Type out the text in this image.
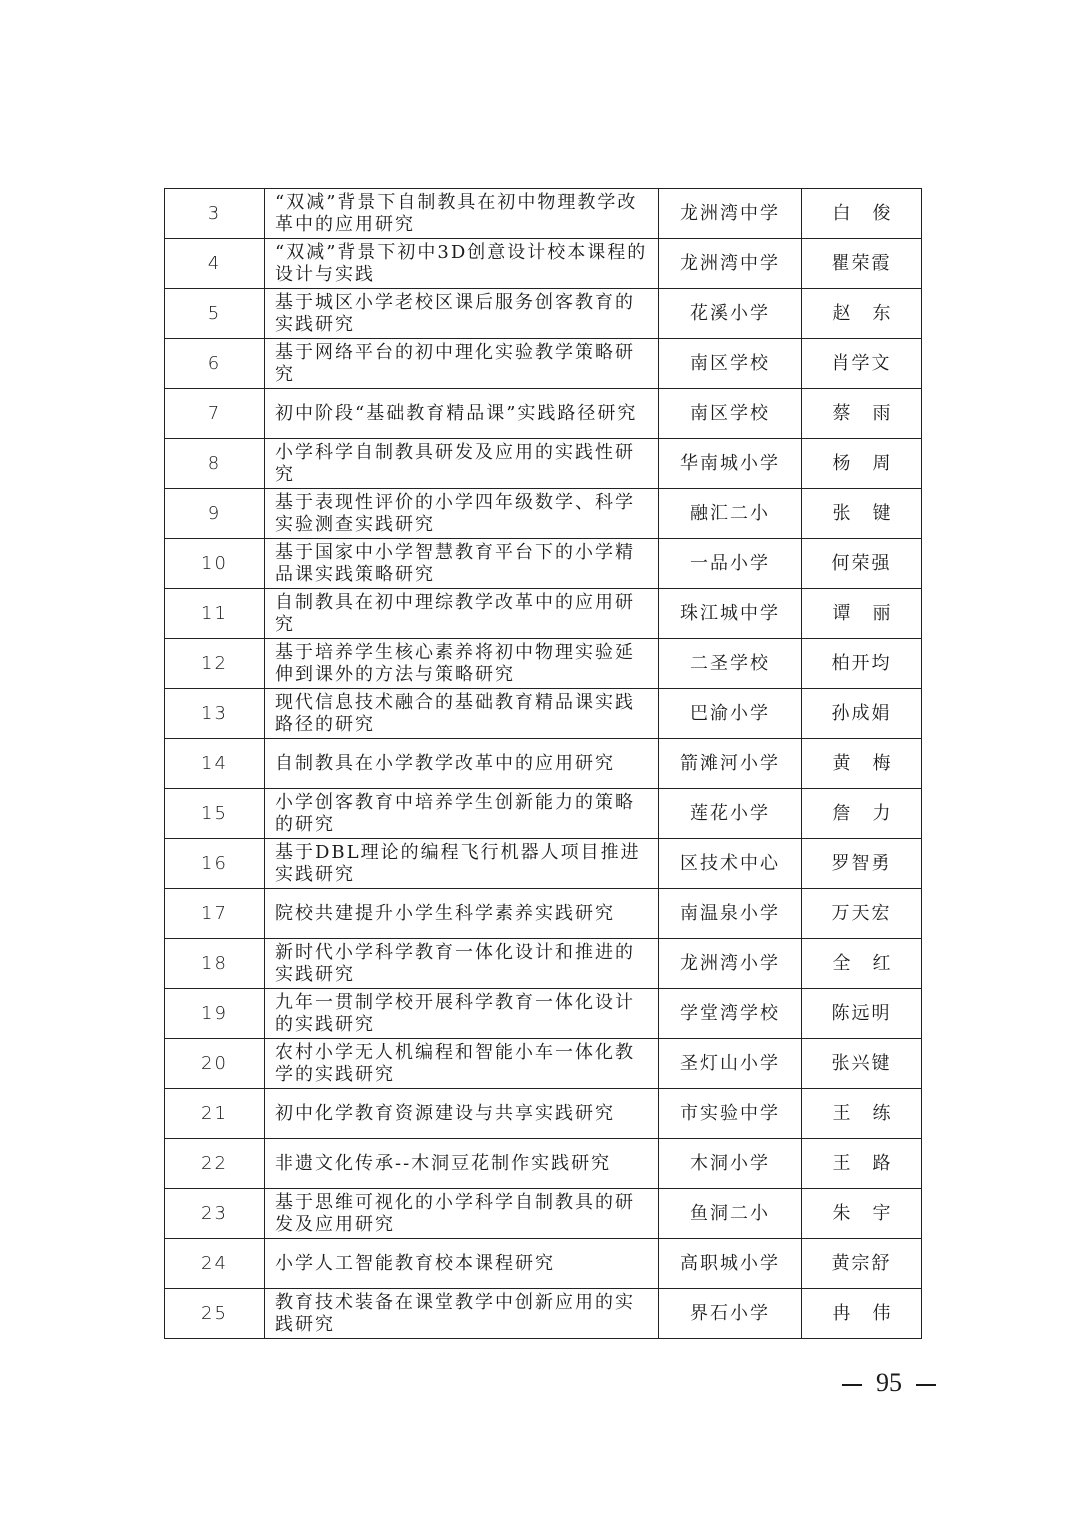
3	“双减”背景下自制教具在初中物理教学改革中的应用研究	龙洲湾中学	白俊
4	“双减”背景下初中3D创意设计校本课程的设计与实践	龙洲湾中学	瞿荣霞
5	基于城区小学老校区课后服务创客教育的实践研究	花溪小学	赵东
6	基于网络平台的初中理化实验教学策略研究	南区学校	肖学文
7	初中阶段“基础教育精品课”实践路径研究	南区学校	蔡雨
8	小学科学自制教具研发及应用的实践性研究	华南城小学	杨周
9	基于表现性评价的小学四年级数学、科学实验测查实践研究	融汇二小	张键
10	基于国家中小学智慧教育平台下的小学精品课实践策略研究	一品小学	何荣强
11	自制教具在初中理综教学改革中的应用研究	珠江城中学	谭丽
12	基于培养学生核心素养将初中物理实验延伸到课外的方法与策略研究	二圣学校	柏开均
13	现代信息技术融合的基础教育精品课实践路径的研究	巴渝小学	孙成娟
14	自制教具在小学教学改革中的应用研究	箭滩河小学	黄梅
15	小学创客教育中培养学生创新能力的策略的研究	莲花小学	詹力
16	基于DBL理论的编程飞行机器人项目推进实践研究	区技术中心	罗智勇
17	院校共建提升小学生科学素养实践研究	南温泉小学	万天宏
18	新时代小学科学教育一体化设计和推进的实践研究	龙洲湾小学	全红
19	九年一贯制学校开展科学教育一体化设计的实践研究	学堂湾学校	陈远明
20	农村小学无人机编程和智能小车一体化教学的实践研究	圣灯山小学	张兴键
21	初中化学教育资源建设与共享实践研究	市实验中学	王练
22	非遗文化传承--木洞豆花制作实践研究	木洞小学	王路
23	基于思维可视化的小学科学自制教具的研发及应用研究	鱼洞二小	朱宇
24	小学人工智能教育校本课程研究	高职城小学	黄宗舒
25	教育技术装备在课堂教学中创新应用的实践研究	界石小学	冉伟
95
